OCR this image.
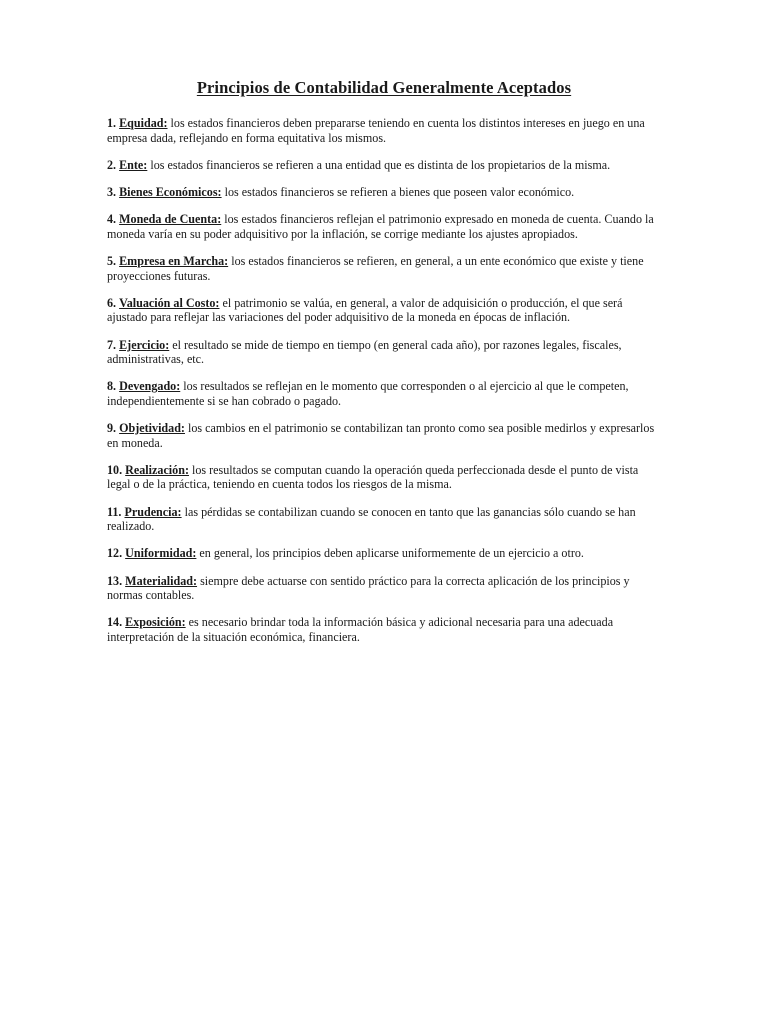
Principios de Contabilidad Generalmente Aceptados
1. Equidad: los estados financieros deben prepararse teniendo en cuenta los distintos intereses en juego en una empresa dada, reflejando en forma equitativa los mismos.
2. Ente: los estados financieros se refieren a una entidad que es distinta de los propietarios de la misma.
3. Bienes Económicos: los estados financieros se refieren a bienes que poseen valor económico.
4. Moneda de Cuenta: los estados financieros reflejan el patrimonio expresado en moneda de cuenta. Cuando la moneda varía en su poder adquisitivo por la inflación, se corrige mediante los ajustes apropiados.
5. Empresa en Marcha: los estados financieros se refieren, en general, a un ente económico que existe y tiene proyecciones futuras.
6. Valuación al Costo: el patrimonio se valúa, en general, a valor de adquisición o producción, el que será ajustado para reflejar las variaciones del poder adquisitivo de la moneda en épocas de inflación.
7. Ejercicio: el resultado se mide de tiempo en tiempo (en general cada año), por razones legales, fiscales, administrativas, etc.
8. Devengado: los resultados se reflejan en le momento que corresponden o al ejercicio al que le competen, independientemente si se han cobrado o pagado.
9. Objetividad: los cambios en el patrimonio se contabilizan tan pronto como sea posible medirlos y expresarlos en moneda.
10. Realización: los resultados se computan cuando la operación queda perfeccionada desde el punto de vista legal o de la práctica, teniendo en cuenta todos los riesgos de la misma.
11. Prudencia: las pérdidas se contabilizan cuando se conocen en tanto que las ganancias sólo cuando se han realizado.
12. Uniformidad: en general, los principios deben aplicarse uniformemente de un ejercicio a otro.
13. Materialidad: siempre debe actuarse con sentido práctico para la correcta aplicación de los principios y normas contables.
14. Exposición: es necesario brindar toda la información básica y adicional necesaria para una adecuada interpretación de la situación económica, financiera.
